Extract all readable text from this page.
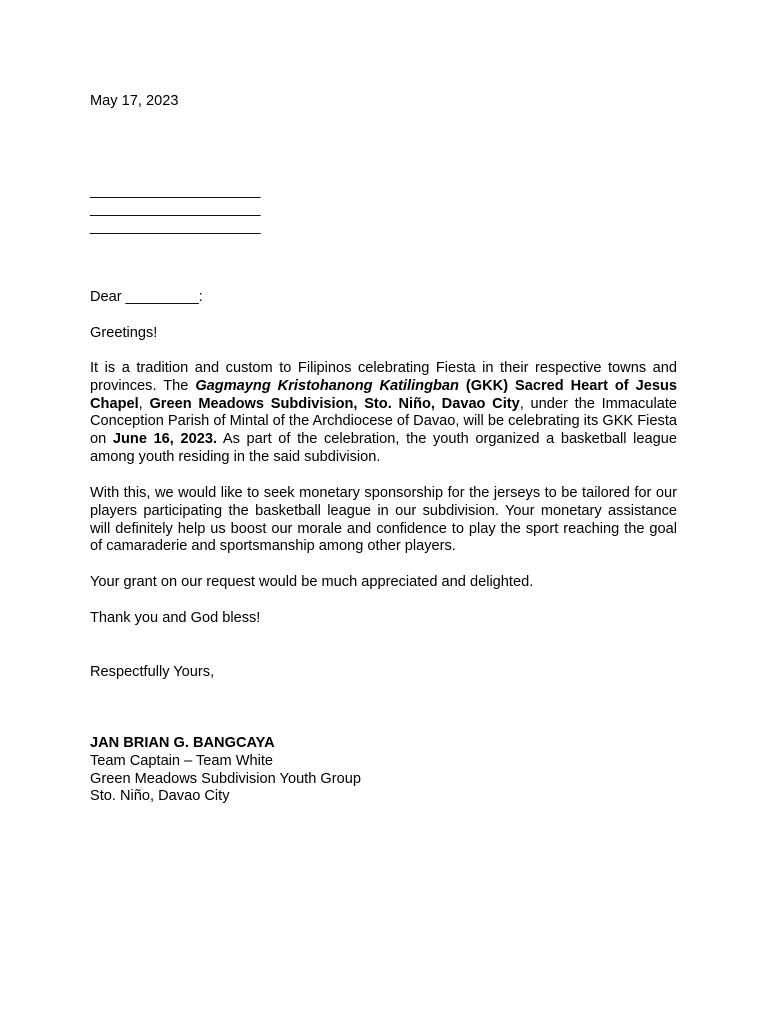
May 17, 2023
_____________________
_____________________
_____________________
Dear _________:
Greetings!
It is a tradition and custom to Filipinos celebrating Fiesta in their respective towns and provinces. The Gagmayng Kristohanong Katilingban (GKK) Sacred Heart of Jesus Chapel, Green Meadows Subdivision, Sto. Niño, Davao City, under the Immaculate Conception Parish of Mintal of the Archdiocese of Davao, will be celebrating its GKK Fiesta on June 16, 2023. As part of the celebration, the youth organized a basketball league among youth residing in the said subdivision.
With this, we would like to seek monetary sponsorship for the jerseys to be tailored for our players participating the basketball league in our subdivision. Your monetary assistance will definitely help us boost our morale and confidence to play the sport reaching the goal of camaraderie and sportsmanship among other players.
Your grant on our request would be much appreciated and delighted.
Thank you and God bless!
Respectfully Yours,
JAN BRIAN G. BANGCAYA
Team Captain – Team White
Green Meadows Subdivision Youth Group
Sto. Niño, Davao City
